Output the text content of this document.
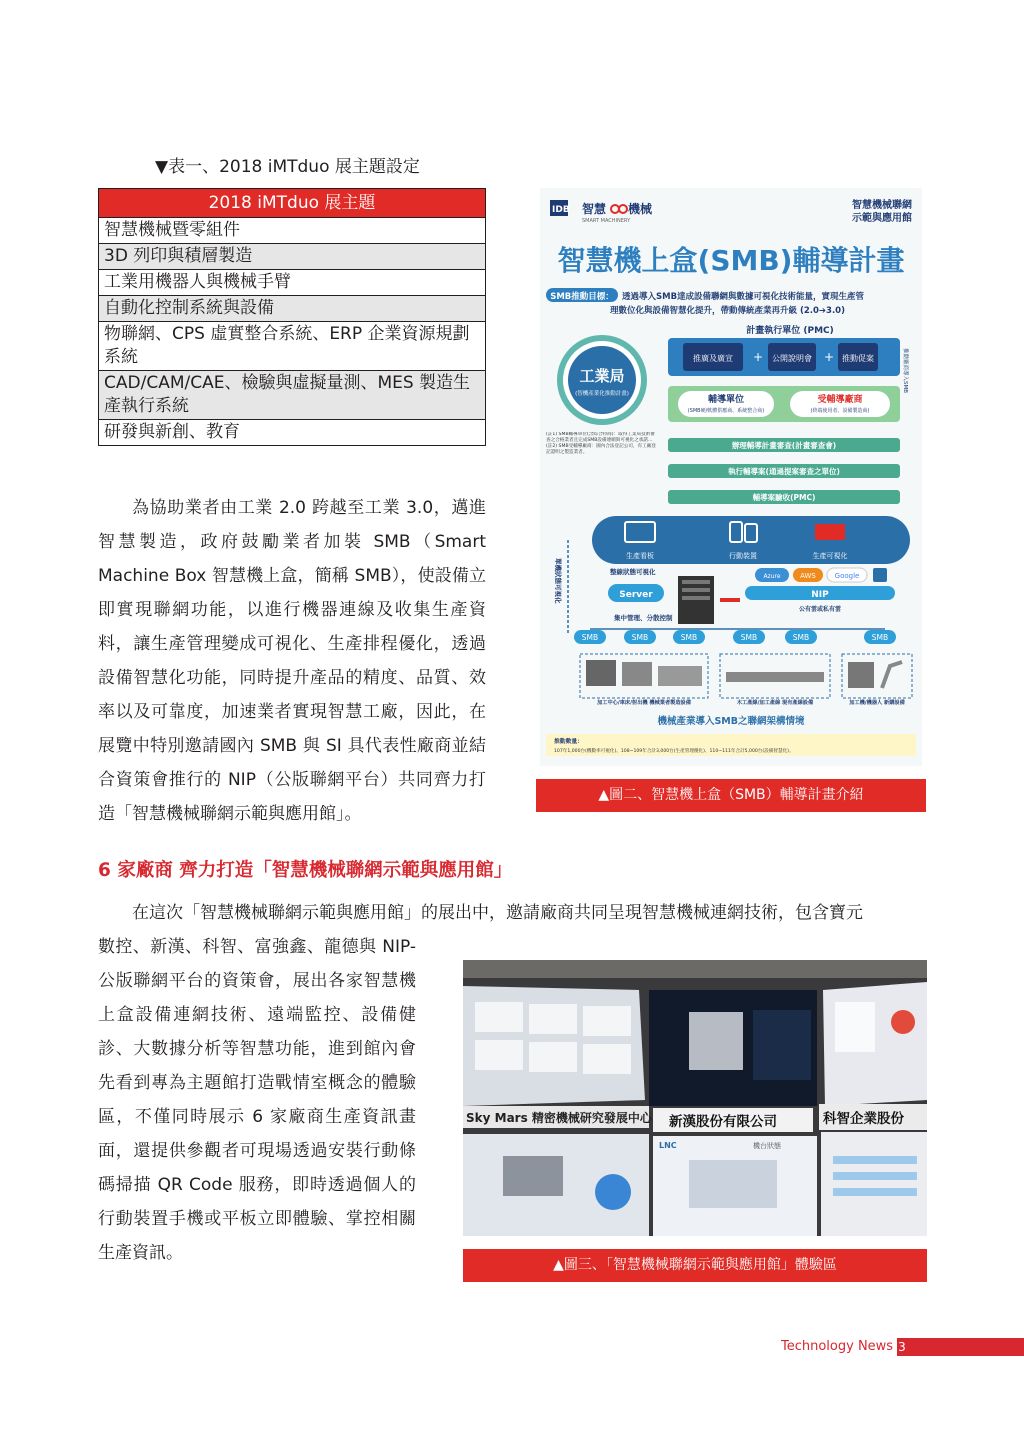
▼表一、2018 iMTduo 展主題設定
2018 iMTduo 展主題
智慧機械暨零組件
3D 列印與積層製造
工業用機器人與機械手臂
自動化控制系統與設備
物聯網、CPS 虛實整合系統、ERP 企業資源規劃系統
CAD/CAM/CAE、檢驗與虛擬量測、MES 製造生產執行系統
研發與新創、教育
為協助業者由工業 2.0 跨越至工業 3.0，邁進智慧製造，政府鼓勵業者加裝 SMB（Smart Machine Box 智慧機上盒，簡稱 SMB），使設備立即實現聯網功能，以進行機器連線及收集生產資料，讓生產管理變成可視化、生產排程優化，透過設備智慧化功能，同時提升產品的精度、品質、效率以及可靠度，加速業者實現智慧工廠，因此，在展覽中特別邀請國內 SMB 與 SI 具代表性廠商並結合資策會推行的 NIP（公版聯網平台）共同齊力打造「智慧機械聯網示範與應用館」。
IDB 智慧 機械
SMART MACHINERY
智慧機械聯網
示範與應用館
智慧機上盒(SMB)輔導計畫
SMB推動目標： 透過導入SMB達成設備聯網與數據可視化技術能量，實現生產管
理數位化與設備智慧化提升，帶動傳統產業再升級 (2.0➔3.0)
計畫執行單位 (PMC)
推廣及廣宣 + 公開說明會 + 推動促案	推動廠商導入SMB
工業局
(智機產業化推動計畫)
輔導單位
(SMB硬/軟體供應商、系統整合商)
受輔導廠商
(終端使用者、設備製造商)
(註1) SMB輔導單位(含綜合特商)：取得工業局技術審查之合格業者且完成SMB設備連網與可視化之承諾… (註2) SMB受輔導廠商：國內合法登記公司，有工廠登記證明之製造業者。
辦理輔導計畫審查(計畫審查會)
執行輔導案(通過提案審查之單位)
輔導案驗收(PMC)
生產看板	行動裝置	生產可視化
單機狀態可視化	整線狀態可視化
Server
Azure	AWS	Google
NIP
公有雲或私有雲
集中管理、分散控制
SMB	SMB	SMB	SMB	SMB	SMB
加工中心/車床/射出機 機械業者製造設備	木工產線/加工產線 現有產線設備	加工機/機器人 新購設備
機械產業導入SMB之聯網架構情境
推動數量：
107年1,000台(機數率可視化)、108~109年合計3,000台(生產管理優化)、110~111年合計5,000台(設備智慧化)。
▲圖二、智慧機上盒（SMB）輔導計畫介紹
6 家廠商 齊力打造「智慧機械聯網示範與應用館」
在這次「智慧機械聯網示範與應用館」的展出中，邀請廠商共同呈現智慧機械連網技術，包含寶元
數控、新漢、科智、富強鑫、龍德與 NIP- 公版聯網平台的資策會，展出各家智慧機上盒設備連網技術、遠端監控、設備健診、大數據分析等智慧功能，進到館內會先看到專為主題館打造戰情室概念的體驗區，不僅同時展示 6 家廠商生產資訊畫面，還提供參觀者可現場透過安裝行動條碼掃描 QR Code 服務，即時透過個人的行動裝置手機或平板立即體驗、掌控相關生產資訊。
Sky Mars 精密機械研究發展中心 新漢股份有限公司	科智企業股份
LNC	機台狀態
▲圖三、「智慧機械聯網示範與應用館」體驗區
Technology News 3
